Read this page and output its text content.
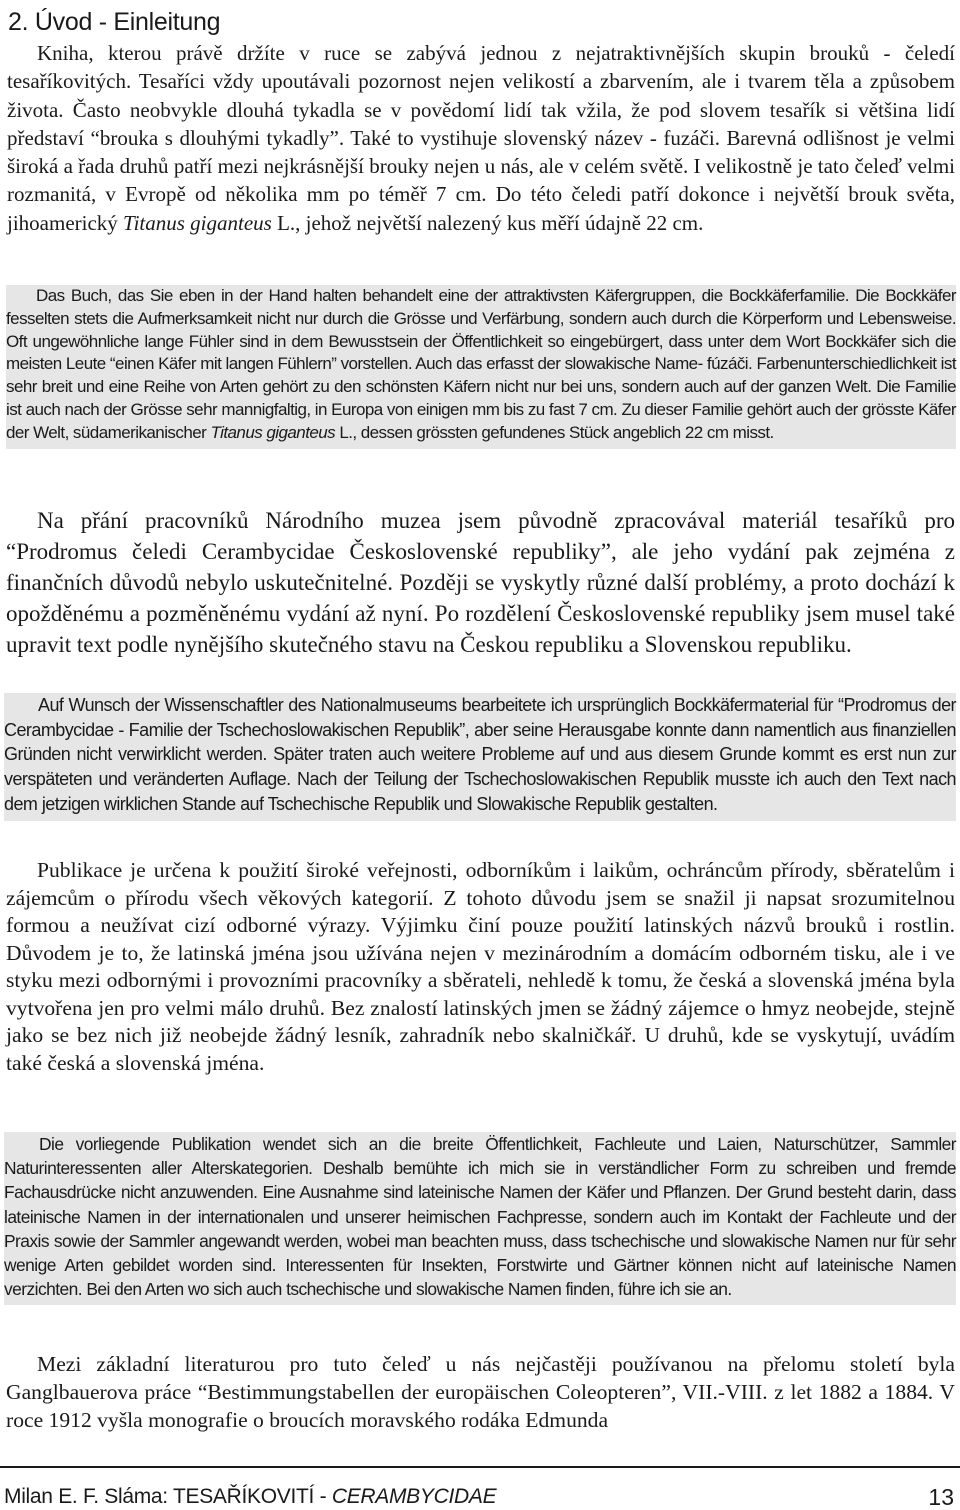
2. Úvod - Einleitung

Kniha, kterou právě držíte v ruce se zabývá jednou z nejatraktivnějších skupin brouků - čeledí tesaříkovitých. Tesaříci vždy upoutávali pozornost nejen velikostí a zbarvením, ale i tvarem těla a způsobem života. Často neobvykle dlouhá tykadla se v povědomí lidí tak vžila, že pod slovem tesařík si většina lidí představí “brouka s dlouhými tykadly”. Také to vystihuje slovenský název - fuzáči. Barevná odlišnost je velmi široká a řada druhů patří mezi nejkrásnější brouky nejen u nás, ale v celém světě. I velikostně je tato čeleď velmi rozmanitá, v Evropě od několika mm po téměř 7 cm. Do této čeledi patří dokonce i největší brouk světa, jihoamerický Titanus giganteus L., jehož největší nalezený kus měří údajně 22 cm.

Das Buch, das Sie eben in der Hand halten behandelt eine der attraktivsten Käfergruppen, die Bockkäferfamilie. Die Bockkäfer fesselten stets die Aufmerksamkeit nicht nur durch die Grösse und Verfärbung, sondern auch durch die Körperform und Lebensweise. Oft ungewöhnliche lange Fühler sind in dem Bewusstsein der Öffentlichkeit so eingebürgert, dass unter dem Wort Bockkäfer sich die meisten Leute “einen Käfer mit langen Fühlern” vorstellen. Auch das erfasst der slowakische Name- fúzáči. Farbenunterschiedlichkeit ist sehr breit und eine Reihe von Arten gehört zu den schönsten Käfern nicht nur bei uns, sondern auch auf der ganzen Welt. Die Familie ist auch nach der Grösse sehr mannigfaltig, in Europa von einigen mm bis zu fast 7 cm. Zu dieser Familie gehört auch der grösste Käfer der Welt, südamerikanischer Titanus giganteus L., dessen grössten gefundenes Stück angeblich 22 cm misst.

Na přání pracovníků Národního muzea jsem původně zpracovával materiál tesaříků pro “Prodromus čeledi Cerambycidae Československé republiky”, ale jeho vydání pak zejména z finančních důvodů nebylo uskutečnitelné. Později se vyskytly různé další problémy, a proto dochází k opožděnému a pozměněnému vydání až nyní. Po rozdělení Československé republiky jsem musel také upravit text podle nynějšího skutečného stavu na Českou republiku a Slovenskou republiku.

Auf Wunsch der Wissenschaftler des Nationalmuseums bearbeitete ich ursprünglich Bockkäfermaterial für “Prodromus der Cerambycidae - Familie der Tschechoslowakischen Republik”, aber seine Herausgabe konnte dann namentlich aus finanziellen Gründen nicht verwirklicht werden. Später traten auch weitere Probleme auf und aus diesem Grunde kommt es erst nun zur verspäteten und veränderten Auflage. Nach der Teilung der Tschechoslowakischen Republik musste ich auch den Text nach dem jetzigen wirklichen Stande auf Tschechische Republik und Slowakische Republik gestalten.

Publikace je určena k použití široké veřejnosti, odborníkům i laikům, ochráncům přírody, sběratelům i zájemcům o přírodu všech věkových kategorií. Z tohoto důvodu jsem se snažil ji napsat srozumitelnou formou a neužívat cizí odborné výrazy. Výjimku činí pouze použití latinských názvů brouků i rostlin. Důvodem je to, že latinská jména jsou užívána nejen v mezinárodním a domácím odborném tisku, ale i ve styku mezi odbornými i provozními pracovníky a sběrateli, nehledě k tomu, že česká a slovenská jména byla vytvořena jen pro velmi málo druhů. Bez znalostí latinských jmen se žádný zájemce o hmyz neobejde, stejně jako se bez nich již neobejde žádný lesník, zahradník nebo skalničkář. U druhů, kde se vyskytují, uvádím také česká a slovenská jména.

Die vorliegende Publikation wendet sich an die breite Öffentlichkeit, Fachleute und Laien, Naturschützer, Sammler Naturinteressenten aller Alterskategorien. Deshalb bemühte ich mich sie in verständlicher Form zu schreiben und fremde Fachausdrücke nicht anzuwenden. Eine Ausnahme sind lateinische Namen der Käfer und Pflanzen. Der Grund besteht darin, dass lateinische Namen in der internationalen und unserer heimischen Fachpresse, sondern auch im Kontakt der Fachleute und der Praxis sowie der Sammler angewandt werden, wobei man beachten muss, dass tschechische und slowakische Namen nur für sehr wenige Arten gebildet worden sind. Interessenten für Insekten, Forstwirte und Gärtner können nicht auf lateinische Namen verzichten. Bei den Arten wo sich auch tschechische und slowakische Namen finden, führe ich sie an.

Mezi základní literaturou pro tuto čeleď u nás nejčastěji používanou na přelomu století byla Ganglbauerova práce “Bestimmungstabellen der europäischen Coleopteren”, VII.-VIII. z let 1882 a 1884. V roce 1912 vyšla monografie o broucích moravského rodáka Edmunda

Milan E. F. Sláma: TESAŘÍKOVITÍ - CERAMBYCIDAE	13
